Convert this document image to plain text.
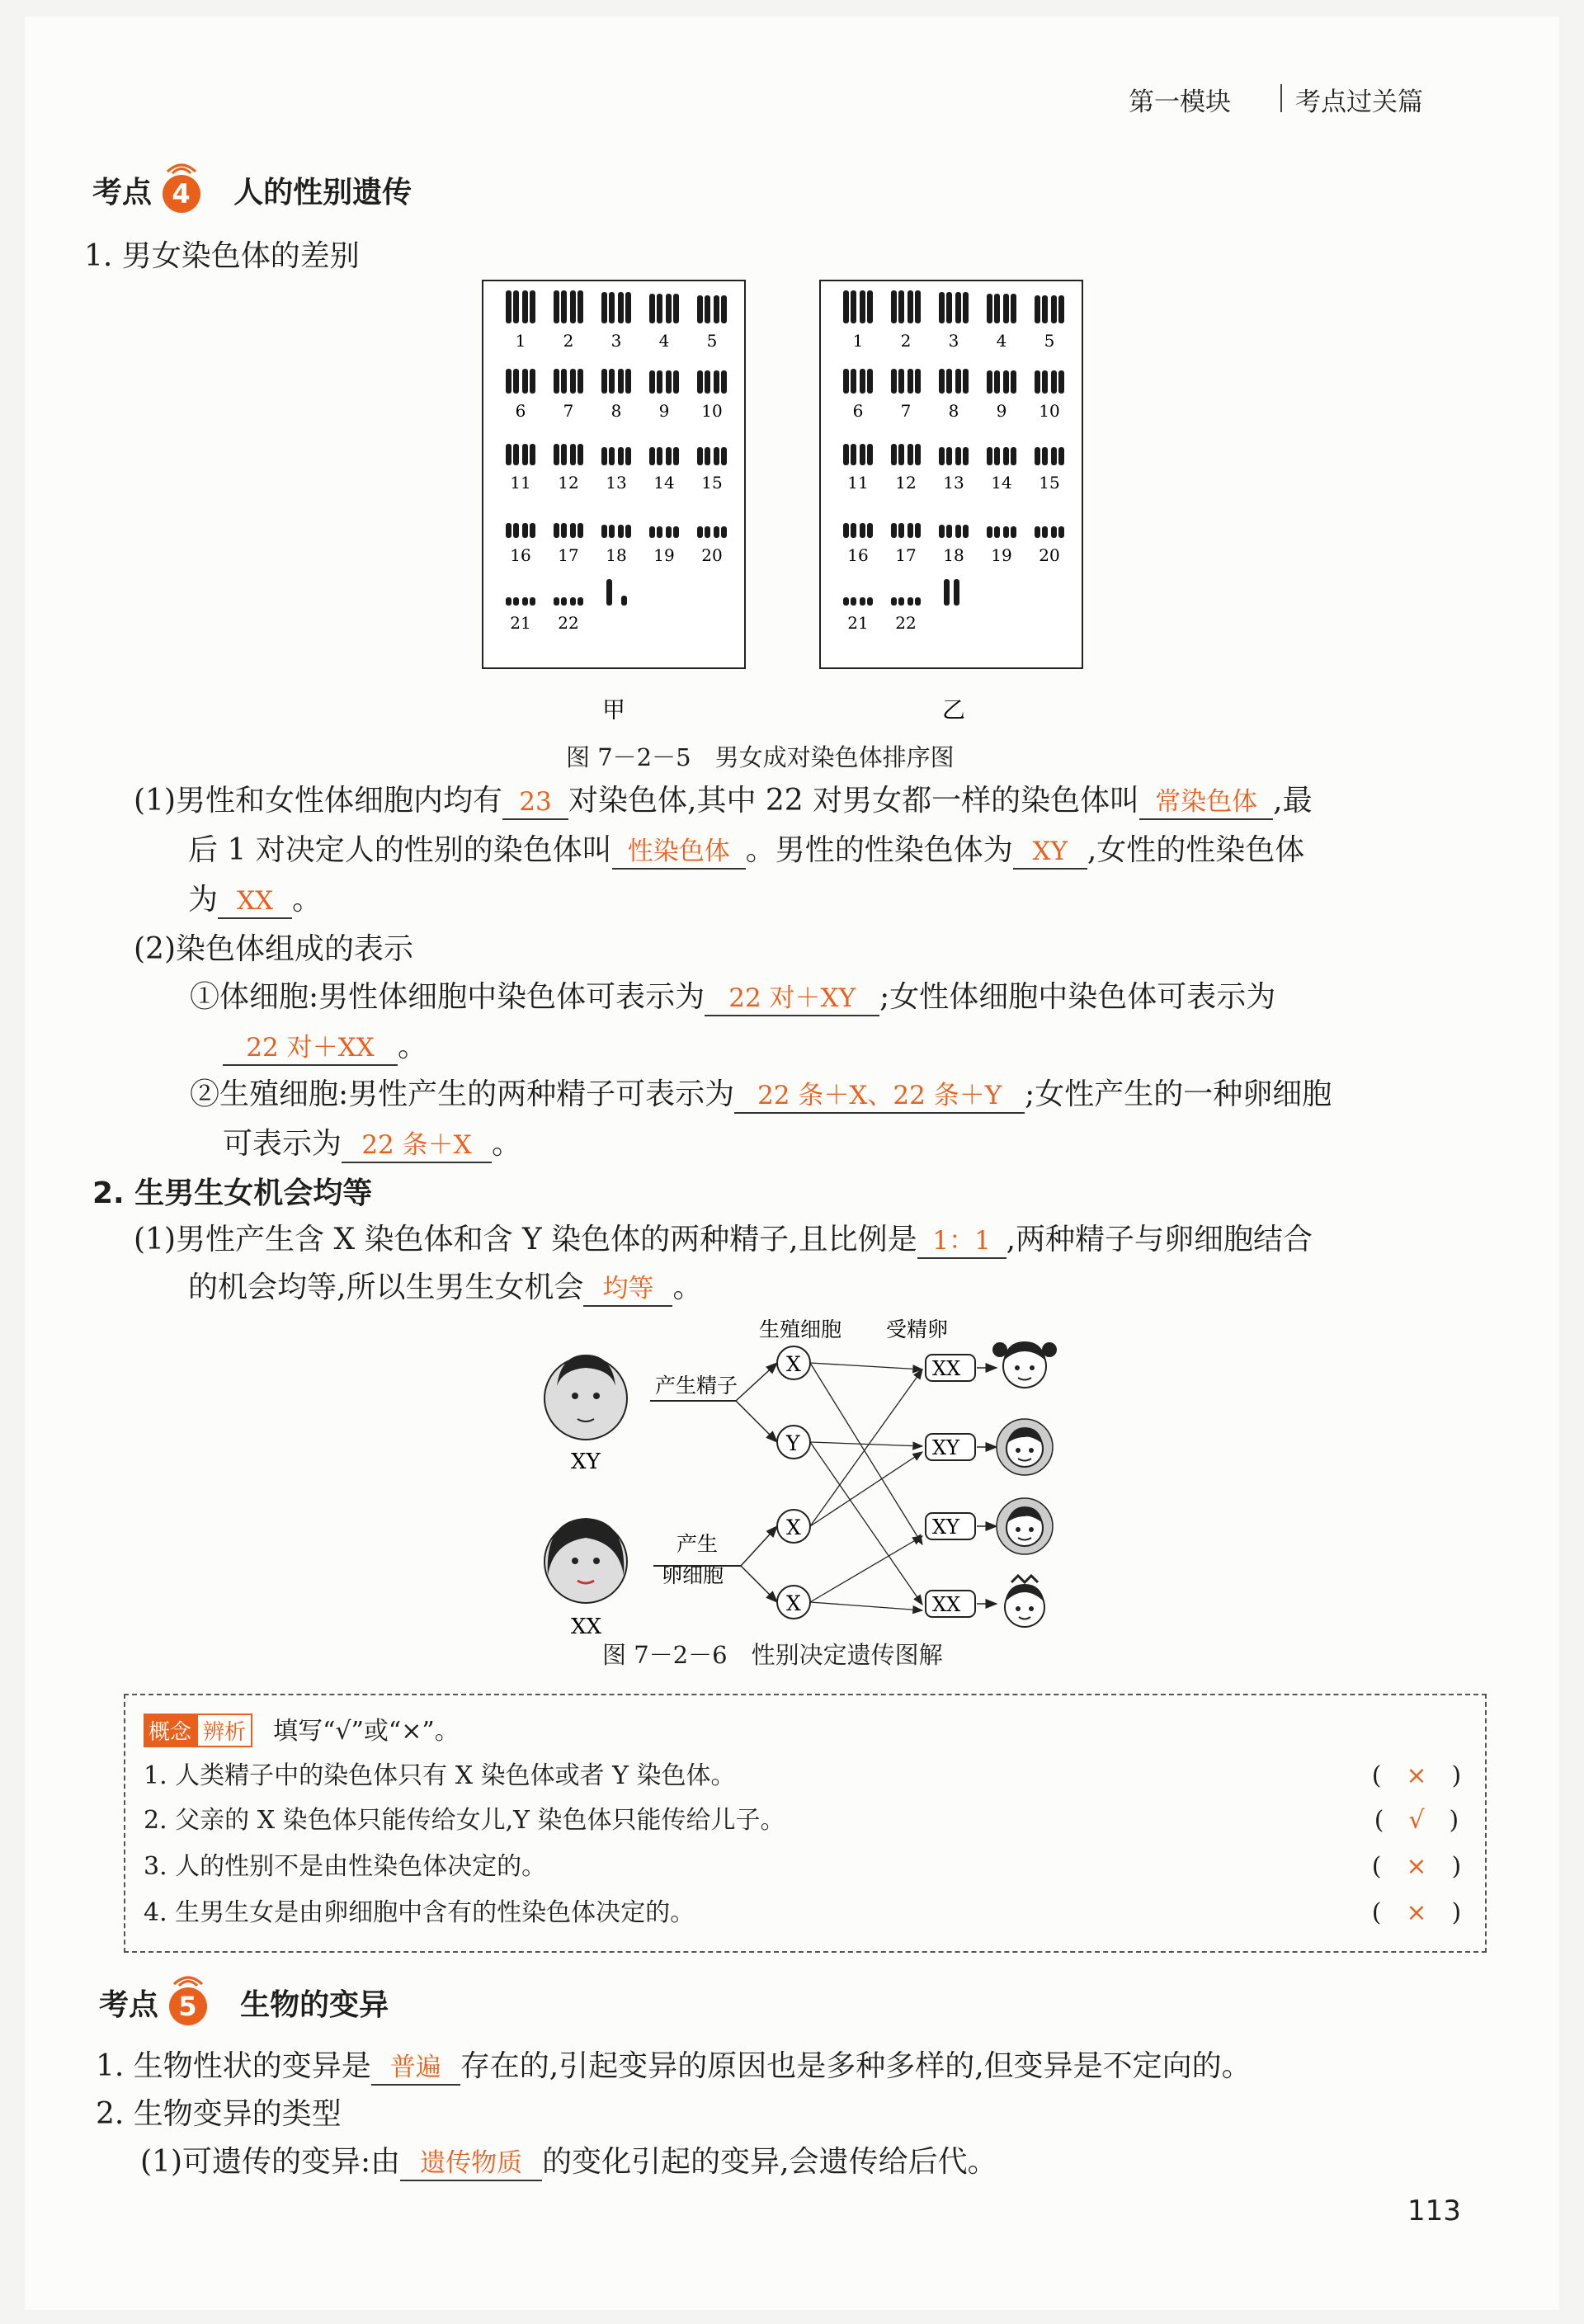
第一模块	考点过关篇
考点 4 人的性别遗传
1. 男女染色体的差别
1 2 3 4 5
6 7 8 9 10
11 12 13 14 15
16 17 18 19 20
21 22
1 2 3 4 5
6 7 8 9 10
11 12 13 14 15
16 17 18 19 20
21 22
甲	乙
图 7－2－5　男女成对染色体排序图
(1)男性和女性体细胞内均有 23 对染色体,其中 22 对男女都一样的染色体叫 常染色体 ,最
后 1 对决定人的性别的染色体叫 性染色体 。男性的性染色体为 XY ,女性的性染色体
为 XX 。
(2)染色体组成的表示
①体细胞:男性体细胞中染色体可表示为 22 对＋XY ;女性体细胞中染色体可表示为
22 对＋XX 。
②生殖细胞:男性产生的两种精子可表示为 22 条＋X、22 条＋Y ;女性产生的一种卵细胞
可表示为 22 条＋X 。
2. 生男生女机会均等
(1)男性产生含 X 染色体和含 Y 染色体的两种精子,且比例是 1：1 ,两种精子与卵细胞结合
的机会均等,所以生男生女机会 均等 。
生殖细胞 受精卵
XY
产生精子
XX
产生
卵细胞
X
Y
X
X
XX
XY
XY
XX
图 7－2－6　性别决定遗传图解
概念 辨析 填写“√”或“×”。
1. 人类精子中的染色体只有 X 染色体或者 Y 染色体。	(　×　)
2. 父亲的 X 染色体只能传给女儿,Y 染色体只能传给儿子。	(　√　)
3. 人的性别不是由性染色体决定的。	(　×　)
4. 生男生女是由卵细胞中含有的性染色体决定的。	(　×　)
考点 5 生物的变异
1. 生物性状的变异是 普遍 存在的,引起变异的原因也是多种多样的,但变异是不定向的。
2. 生物变异的类型
(1)可遗传的变异:由 遗传物质 的变化引起的变异,会遗传给后代。
113
